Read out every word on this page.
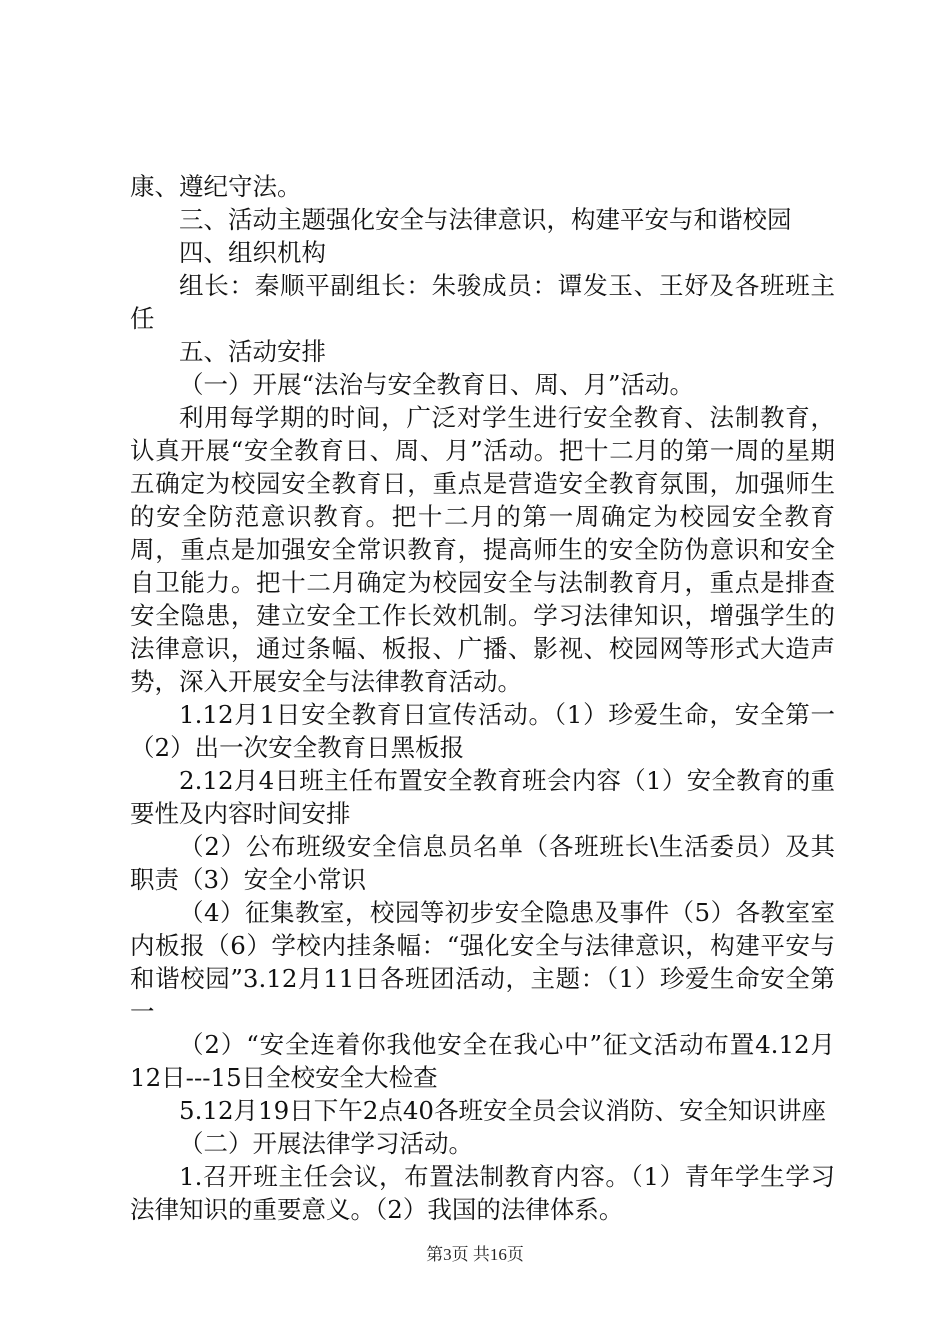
康、遵纪守法。

三、活动主题强化安全与法律意识，构建平安与和谐校园

四、组织机构

组长：秦顺平副组长：朱骏成员：谭发玉、王妤及各班班主任

五、活动安排

（一）开展“法治与安全教育日、周、月”活动。

利用每学期的时间，广泛对学生进行安全教育、法制教育，认真开展“安全教育日、周、月”活动。把十二月的第一周的星期五确定为校园安全教育日，重点是营造安全教育氛围，加强师生的安全防范意识教育。把十二月的第一周确定为校园安全教育周，重点是加强安全常识教育，提高师生的安全防伪意识和安全自卫能力。把十二月确定为校园安全与法制教育月，重点是排查安全隐患，建立安全工作长效机制。学习法律知识，增强学生的法律意识，通过条幅、板报、广播、影视、校园网等形式大造声势，深入开展安全与法律教育活动。

1.12月1日安全教育日宣传活动。（1）珍爱生命，安全第一（2）出一次安全教育日黑板报

2.12月4日班主任布置安全教育班会内容（1）安全教育的重要性及内容时间安排

（2）公布班级安全信息员名单（各班班长\生活委员）及其职责（3）安全小常识

（4）征集教室，校园等初步安全隐患及事件（5）各教室室内板报（6）学校内挂条幅：“强化安全与法律意识，构建平安与和谐校园”3.12月11日各班团活动，主题：（1）珍爱生命安全第一

（2）“安全连着你我他安全在我心中”征文活动布置4.12月12日---15日全校安全大检查

5.12月19日下午2点40各班安全员会议消防、安全知识讲座

（二）开展法律学习活动。

1.召开班主任会议，布置法制教育内容。（1）青年学生学习法律知识的重要意义。（2）我国的法律体系。

第3页 共16页
